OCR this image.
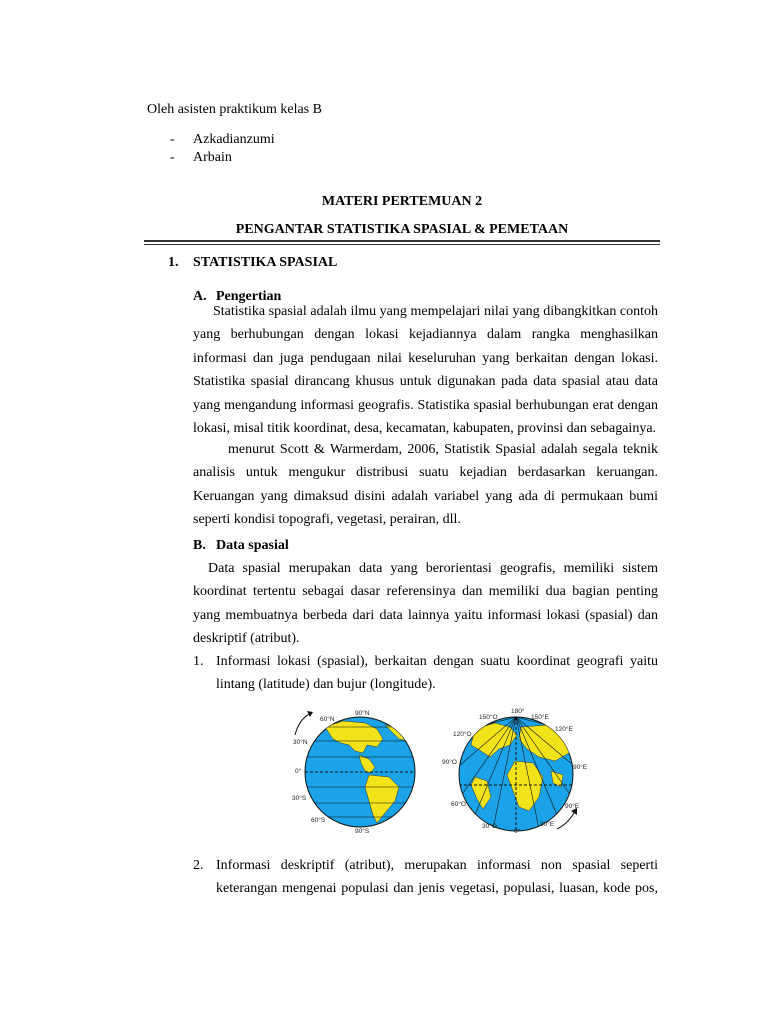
Oleh asisten praktikum kelas B
- Azkadianzumi
- Arbain
MATERI PERTEMUAN 2
PENGANTAR STATISTIKA SPASIAL & PEMETAAN
1. STATISTIKA SPASIAL
A. Pengertian
Statistika spasial adalah ilmu yang mempelajari nilai yang dibangkitkan contoh yang berhubungan dengan lokasi kejadiannya dalam rangka menghasilkan informasi dan juga pendugaan nilai keseluruhan yang berkaitan dengan lokasi. Statistika spasial dirancang khusus untuk digunakan pada data spasial atau data yang mengandung informasi geografis. Statistika spasial berhubungan erat dengan lokasi, misal titik koordinat, desa, kecamatan, kabupaten, provinsi dan sebagainya.
menurut Scott & Warmerdam, 2006, Statistik Spasial adalah segala teknik analisis untuk mengukur distribusi suatu kejadian berdasarkan keruangan. Keruangan yang dimaksud disini adalah variabel yang ada di permukaan bumi seperti kondisi topografi, vegetasi, perairan, dll.
B. Data spasial
Data spasial merupakan data yang berorientasi geografis, memiliki sistem koordinat tertentu sebagai dasar referensinya dan memiliki dua bagian penting yang membuatnya berbeda dari data lainnya yaitu informasi lokasi (spasial) dan deskriptif (atribut).
1. Informasi lokasi (spasial), berkaitan dengan suatu koordinat geografi yaitu lintang (latitude) dan bujur (longitude).
90°N
60°N
30°N
0°
30°S
60°S
90°S
180°
150°O	150°E
120°O
120°E
90°O
90°E
60°O	90°E
30°O
0°
30°E
2. Informasi deskriptif (atribut), merupakan informasi non spasial seperti keterangan mengenai populasi dan jenis vegetasi, populasi, luasan, kode pos,
